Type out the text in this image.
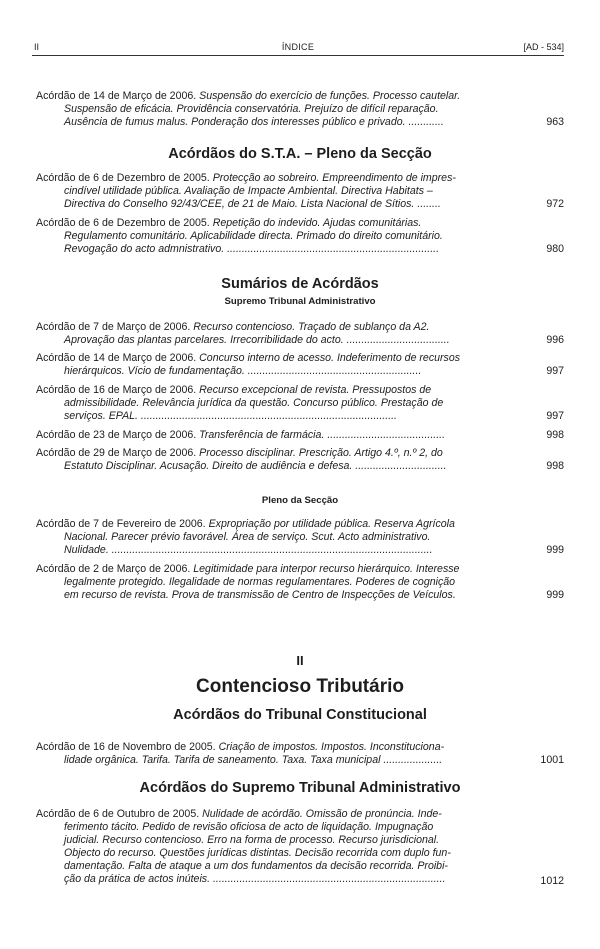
II	ÍNDICE	[AD - 534]
Acórdão de 14 de Março de 2006. Suspensão do exercício de funções. Processo cautelar.
Suspensão de eficácia. Providência conservatória. Prejuízo de difícil reparação.
Ausência de fumus malus. Ponderação dos interesses público e privado. ............	963
Acórdãos do S.T.A. – Pleno da Secção
Acórdão de 6 de Dezembro de 2005. Protecção ao sobreiro. Empreendimento de impres-
cindível utilidade pública. Avaliação de Impacte Ambiental. Directiva Habitats –
Directiva do Conselho 92/43/CEE, de 21 de Maio. Lista Nacional de Sítios. ........	972
Acórdão de 6 de Dezembro de 2005. Repetição do indevido. Ajudas comunitárias.
Regulamento comunitário. Aplicabilidade directa. Primado do direito comunitário.
Revogação do acto admnistrativo. ........................................................................	980
Sumários de Acórdãos
Supremo Tribunal Administrativo
Acórdão de 7 de Março de 2006. Recurso contencioso. Traçado de sublanço da A2.
Aprovação das plantas parcelares. Irrecorribilidade do acto. ...................................	996
Acórdão de 14 de Março de 2006. Concurso interno de acesso. Indeferimento de recursos
hierárquicos. Vício de fundamentação. ...........................................................	997
Acórdão de 16 de Março de 2006. Recurso excepcional de revista. Pressupostos de
admissibilidade. Relevância jurídica da questão. Concurso público. Prestação de
serviços. EPAL. .......................................................................................	997
Acórdão de 23 de Março de 2006. Transferência de farmácia. ........................................	998
Acórdão de 29 de Março de 2006. Processo disciplinar. Prescrição. Artigo 4.º, n.º 2, do
Estatuto Disciplinar. Acusação. Direito de audiência e defesa. ...............................	998
Pleno da Secção
Acórdão de 7 de Fevereiro de 2006. Expropriação por utilidade pública. Reserva Agrícola
Nacional. Parecer prévio favorável. Área de serviço. Scut. Acto administrativo.
Nulidade. .............................................................................................................	999
Acórdão de 2 de Março de 2006. Legitimidade para interpor recurso hierárquico. Interesse
legalmente protegido. Ilegalidade de normas regulamentares. Poderes de cognição
em recurso de revista. Prova de transmissão de Centro de Inspecções de Veículos.	999
II
Contencioso Tributário
Acórdãos do Tribunal Constitucional
Acórdão de 16 de Novembro de 2005. Criação de impostos. Impostos. Inconstituciona-
lidade orgânica. Tarifa. Tarifa de saneamento. Taxa. Taxa municipal ....................	1001
Acórdãos do Supremo Tribunal Administrativo
Acórdão de 6 de Outubro de 2005. Nulidade de acórdão. Omissão de pronúncia. Inde-
ferimento tácito. Pedido de revisão oficiosa de acto de liquidação. Impugnação
judicial. Recurso contencioso. Erro na forma de processo. Recurso jurisdicional.
Objecto do recurso. Questões jurídicas distintas. Decisão recorrida com duplo fun-
damentação. Falta de ataque a um dos fundamentos da decisão recorrida. Proibi-
ção da prática de actos inúteis. ...............................................................................	1012
